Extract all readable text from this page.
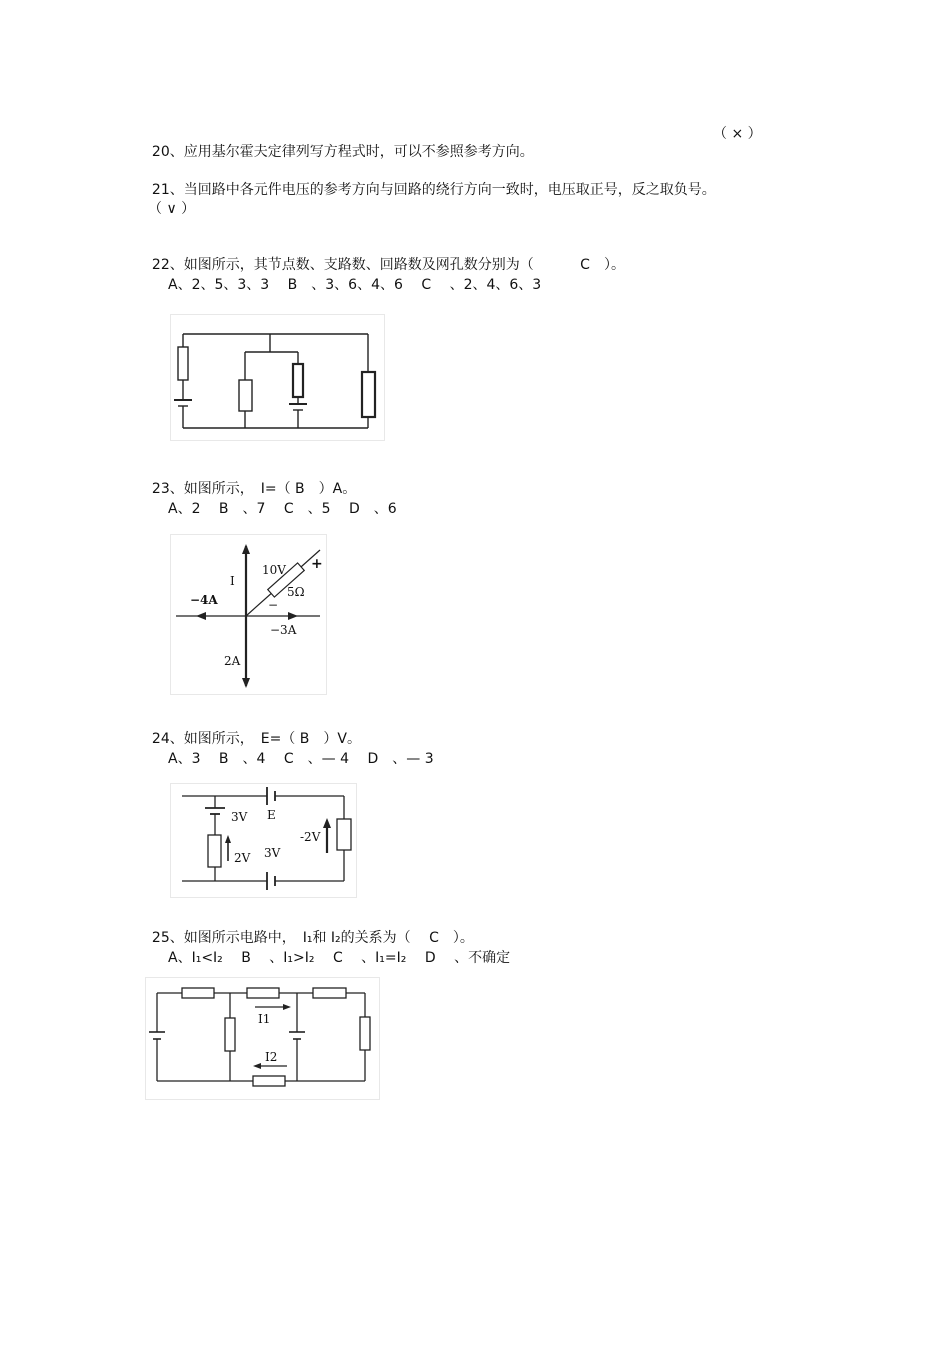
20、应用基尔霍夫定律列写方程式时，可以不参照参考方向。

（ × ）

21、当回路中各元件电压的参考方向与回路的绕行方向一致时，电压取正号，反之取负号。

（ ∨ ）

22、如图所示，其节点数、支路数、回路数及网孔数分别为（　　　 C　）。

A、2、5、3、3　 B　、3、6、4、6　 C　 、2、4、6、3

23、如图所示，　I=（ B　）A。

A、2　 B　、7　 C　、5　 D　、6
10V +
5Ω
−
I
−4A
−3A
2A

24、如图所示，　E=（ B　）V。

A、3　 B　、4　 C　、— 4　 D　、— 3
3V E
2V 3V
-2V

25、如图所示电路中，　I₁和 I₂的关系为（　 C　）。

A、I₁<I₂　 B　 、I₁>I₂　 C　 、I₁=I₂　 D　 、不确定
I1
I2
